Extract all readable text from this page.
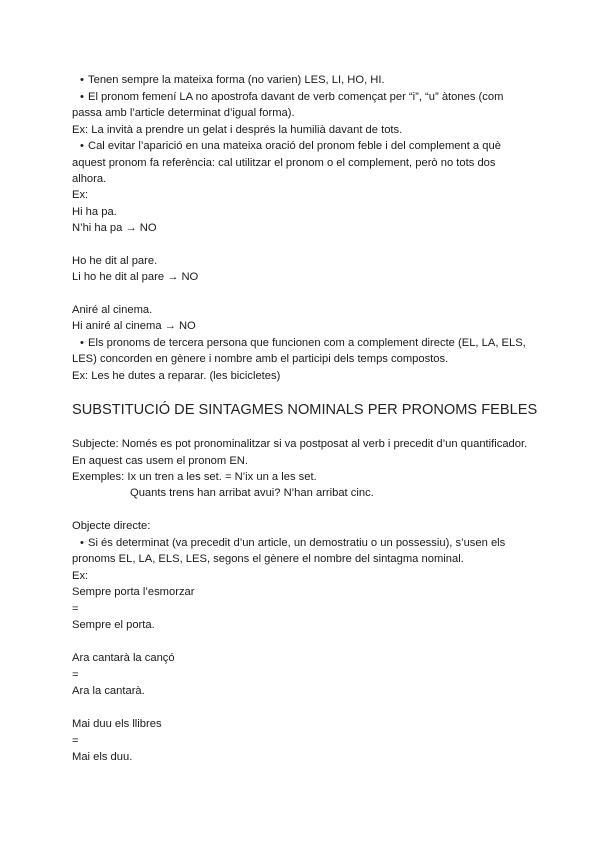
• Tenen sempre la mateixa forma (no varien) LES, LI, HO, HI.
• El pronom femení LA no apostrofa davant de verb començat per “i”, “u” àtones (com
passa amb l’article determinat d’igual forma).
Ex: La invità a prendre un gelat i després la humilià davant de tots.
• Cal evitar l’aparició en una mateixa oració del pronom feble i del complement a què
aquest pronom fa referència: cal utilitzar el pronom o el complement, però no tots dos
alhora.
Ex:
Hi ha pa.
N’hi ha pa → NO
Ho he dit al pare.
Li ho he dit al pare → NO
Aniré al cinema.
Hi aniré al cinema → NO
• Els pronoms de tercera persona que funcionen com a complement directe (EL, LA, ELS,
LES) concorden en gènere i nombre amb el participi dels temps compostos.
Ex: Les he dutes a reparar. (les bicicletes)
SUBSTITUCIÓ DE SINTAGMES NOMINALS PER PRONOMS FEBLES
Subjecte: Només es pot pronominalitzar si va postposat al verb i precedit d’un quantificador.
En aquest cas usem el pronom EN.
Exemples: Ix un tren a les set. = N’ix un a les set.
Quants trens han arribat avui? N’han arribat cinc.
Objecte directe:
• Si és determinat (va precedit d’un article, un demostratiu o un possessiu), s’usen els
pronoms EL, LA, ELS, LES, segons el gènere el nombre del sintagma nominal.
Ex:
Sempre porta l’esmorzar
=
Sempre el porta.
Ara cantarà la cançó
=
Ara la cantarà.
Mai duu els llibres
=
Mai els duu.
